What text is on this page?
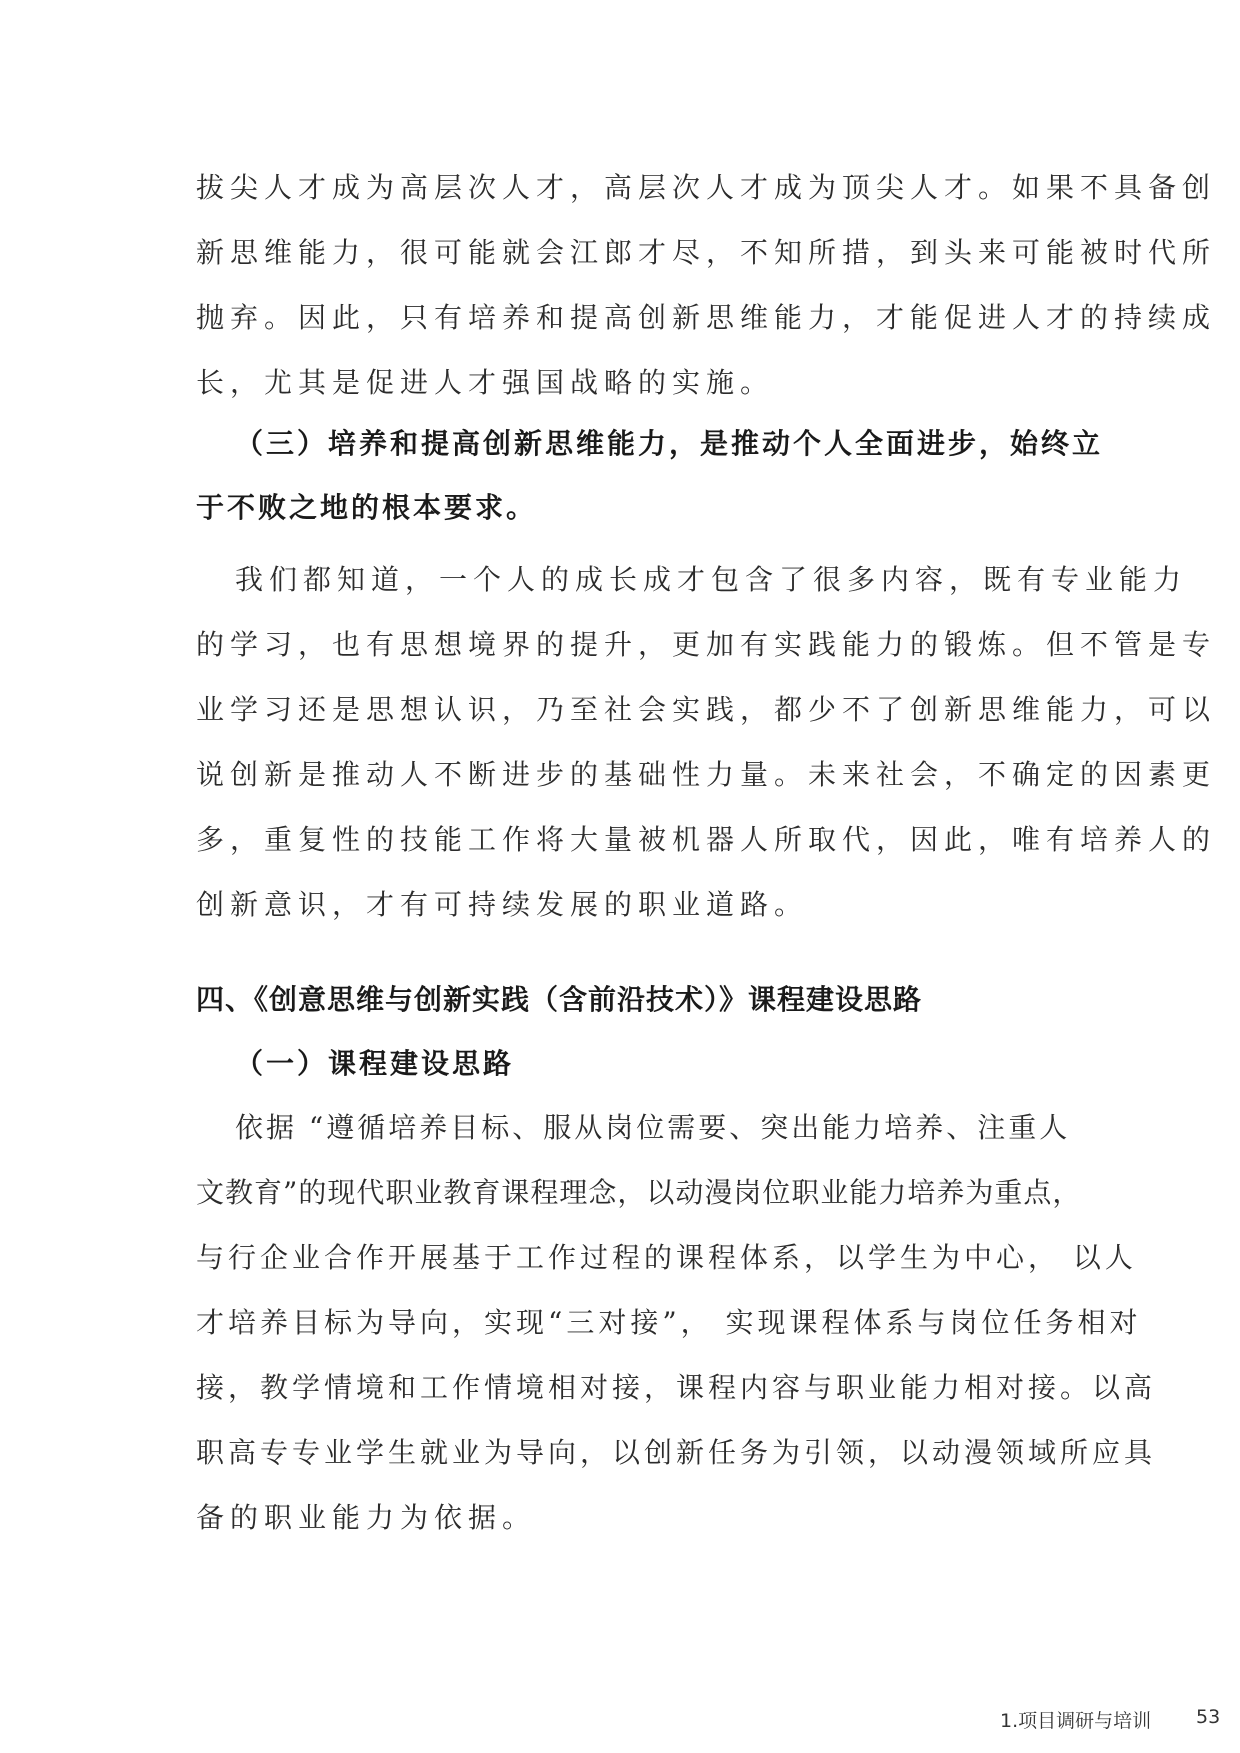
拔尖人才成为高层次人才，高层次人才成为顶尖人才。如果不具备创
新思维能力，很可能就会江郎才尽，不知所措，到头来可能被时代所
抛弃。因此，只有培养和提高创新思维能力，才能促进人才的持续成
长，尤其是促进人才强国战略的实施。
（三）培养和提高创新思维能力，是推动个人全面进步，始终立
于不败之地的根本要求。
我们都知道，一个人的成长成才包含了很多内容，既有专业能力
的学习，也有思想境界的提升，更加有实践能力的锻炼。但不管是专
业学习还是思想认识，乃至社会实践，都少不了创新思维能力，可以
说创新是推动人不断进步的基础性力量。未来社会，不确定的因素更
多，重复性的技能工作将大量被机器人所取代，因此，唯有培养人的
创新意识，才有可持续发展的职业道路。
四、《创意思维与创新实践（含前沿技术）》课程建设思路
（一）课程建设思路
依据 “遵循培养目标、服从岗位需要、突出能力培养、注重人
文教育”的现代职业教育课程理念，以动漫岗位职业能力培养为重点，
与行企业合作开展基于工作过程的课程体系，以学生为中心， 以人
才培养目标为导向，实现“三对接”， 实现课程体系与岗位任务相对
接，教学情境和工作情境相对接，课程内容与职业能力相对接。以高
职高专专业学生就业为导向，以创新任务为引领，以动漫领域所应具
备的职业能力为依据。
1.项目调研与培训 53
